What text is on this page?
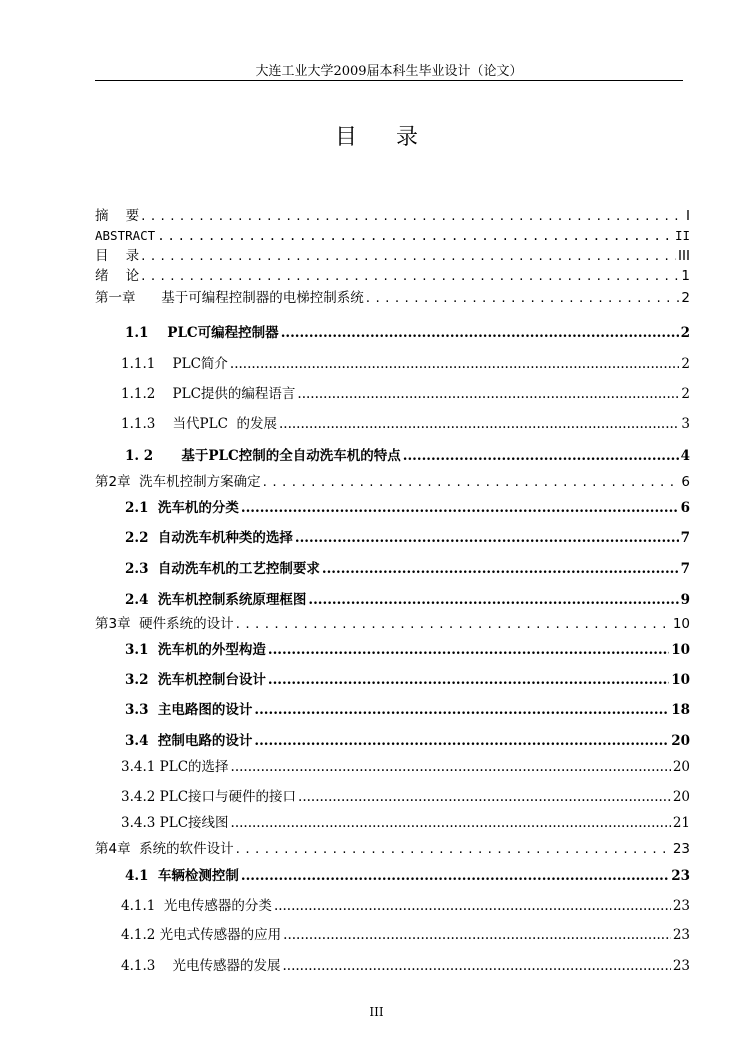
大连工业大学2009届本科生毕业设计（论文）
目 录
摘    要 .....	I
ABSTRACT .....	II
目    录 .....	III
绪    论 .....	1
第一章      基于可编程控制器的电梯控制系统 .....	2
1.1    PLC可编程控制器 .....	2
1.1.1    PLC简介 .....	2
1.1.2    PLC提供的编程语言 .....	2
1.1.3    当代PLC  的发展 .....	3
1. 2      基于PLC控制的全自动洗车机的特点 .....	4
第2章  洗车机控制方案确定 .....	6
2.1  洗车机的分类 .....	6
2.2  自动洗车机种类的选择 .....	7
2.3  自动洗车机的工艺控制要求 .....	7
2.4  洗车机控制系统原理框图 .....	9
第3章  硬件系统的设计 .....	10
3.1  洗车机的外型构造 .....	10
3.2  洗车机控制台设计 .....	10
3.3  主电路图的设计 .....	18
3.4  控制电路的设计 .....	20
3.4.1 PLC的选择 .....	20
3.4.2 PLC接口与硬件的接口 .....	20
3.4.3 PLC接线图 .....	21
第4章  系统的软件设计 .....	23
4.1  车辆检测控制 .....	23
4.1.1  光电传感器的分类 .....	23
4.1.2 光电式传感器的应用 .....	23
4.1.3    光电传感器的发展 .....	23
III
